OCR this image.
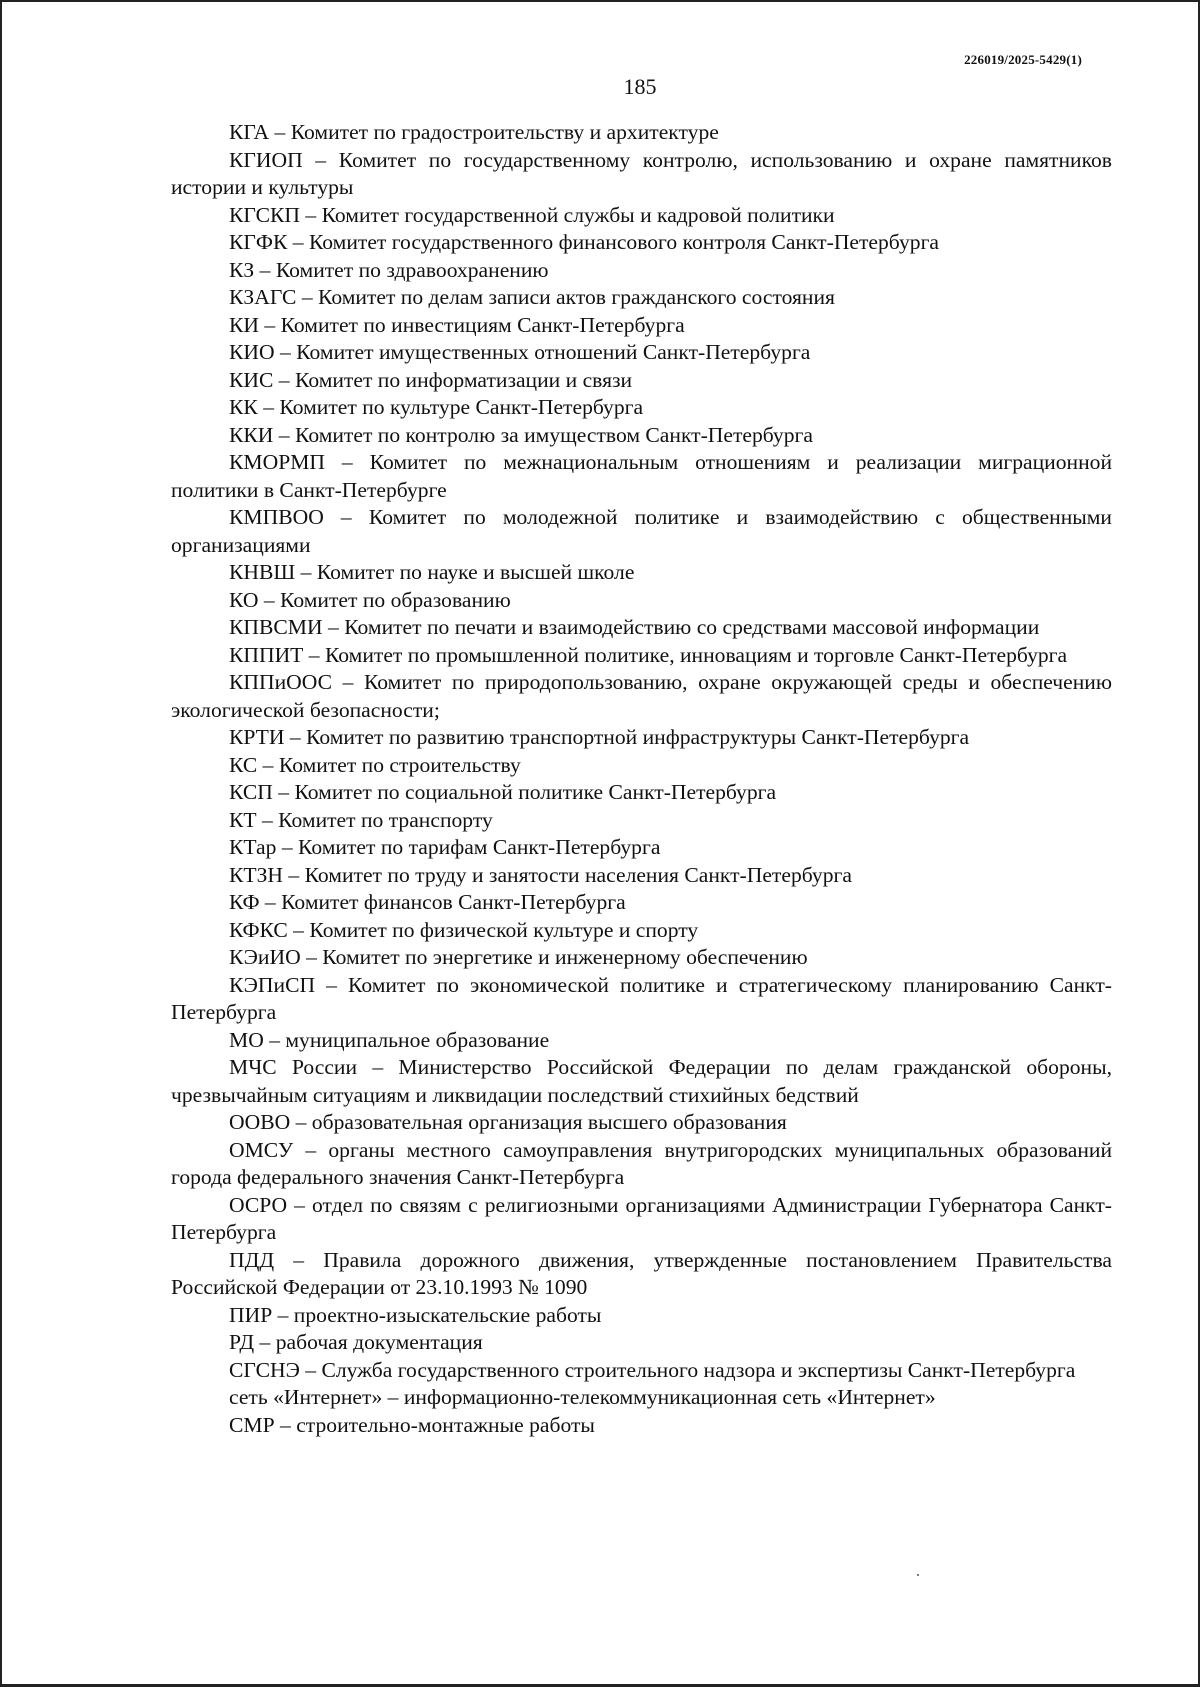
226019/2025-5429(1)
185

КГА – Комитет по градостроительству и архитектуре

КГИОП – Комитет по государственному контролю, использованию и охране памятников истории и культуры

КГСКП – Комитет государственной службы и кадровой политики

КГФК – Комитет государственного финансового контроля Санкт-Петербурга

КЗ – Комитет по здравоохранению

КЗАГС – Комитет по делам записи актов гражданского состояния

КИ – Комитет по инвестициям Санкт-Петербурга

КИО – Комитет имущественных отношений Санкт-Петербурга

КИС – Комитет по информатизации и связи

КК – Комитет по культуре Санкт-Петербурга

ККИ – Комитет по контролю за имуществом Санкт-Петербурга

КМОРМП – Комитет по межнациональным отношениям и реализации миграционной политики в Санкт-Петербурге

КМПВОО – Комитет по молодежной политике и взаимодействию с общественными организациями

КНВШ – Комитет по науке и высшей школе

КО – Комитет по образованию

КПВСМИ – Комитет по печати и взаимодействию со средствами массовой информации

КППИТ – Комитет по промышленной политике, инновациям и торговле Санкт-Петербурга

КППиООС – Комитет по природопользованию, охране окружающей среды и обеспечению экологической безопасности;

КРТИ – Комитет по развитию транспортной инфраструктуры Санкт-Петербурга

КС – Комитет по строительству

КСП – Комитет по социальной политике Санкт-Петербурга

КТ – Комитет по транспорту

КТар – Комитет по тарифам Санкт-Петербурга

КТЗН – Комитет по труду и занятости населения Санкт-Петербурга

КФ – Комитет финансов Санкт-Петербурга

КФКС – Комитет по физической культуре и спорту

КЭиИО – Комитет по энергетике и инженерному обеспечению

КЭПиСП – Комитет по экономической политике и стратегическому планированию Санкт-Петербурга

МО – муниципальное образование

МЧС России – Министерство Российской Федерации по делам гражданской обороны, чрезвычайным ситуациям и ликвидации последствий стихийных бедствий

ООВО – образовательная организация высшего образования

ОМСУ – органы местного самоуправления внутригородских муниципальных образований города федерального значения Санкт-Петербурга

ОСРО – отдел по связям с религиозными организациями Администрации Губернатора Санкт-Петербурга

ПДД – Правила дорожного движения, утвержденные постановлением Правительства Российской Федерации от 23.10.1993 № 1090

ПИР – проектно-изыскательские работы

РД – рабочая документация

СГСНЭ – Служба государственного строительного надзора и экспертизы Санкт-Петербурга

сеть «Интернет» – информационно-телекоммуникационная сеть «Интернет»

СМР – строительно-монтажные работы
